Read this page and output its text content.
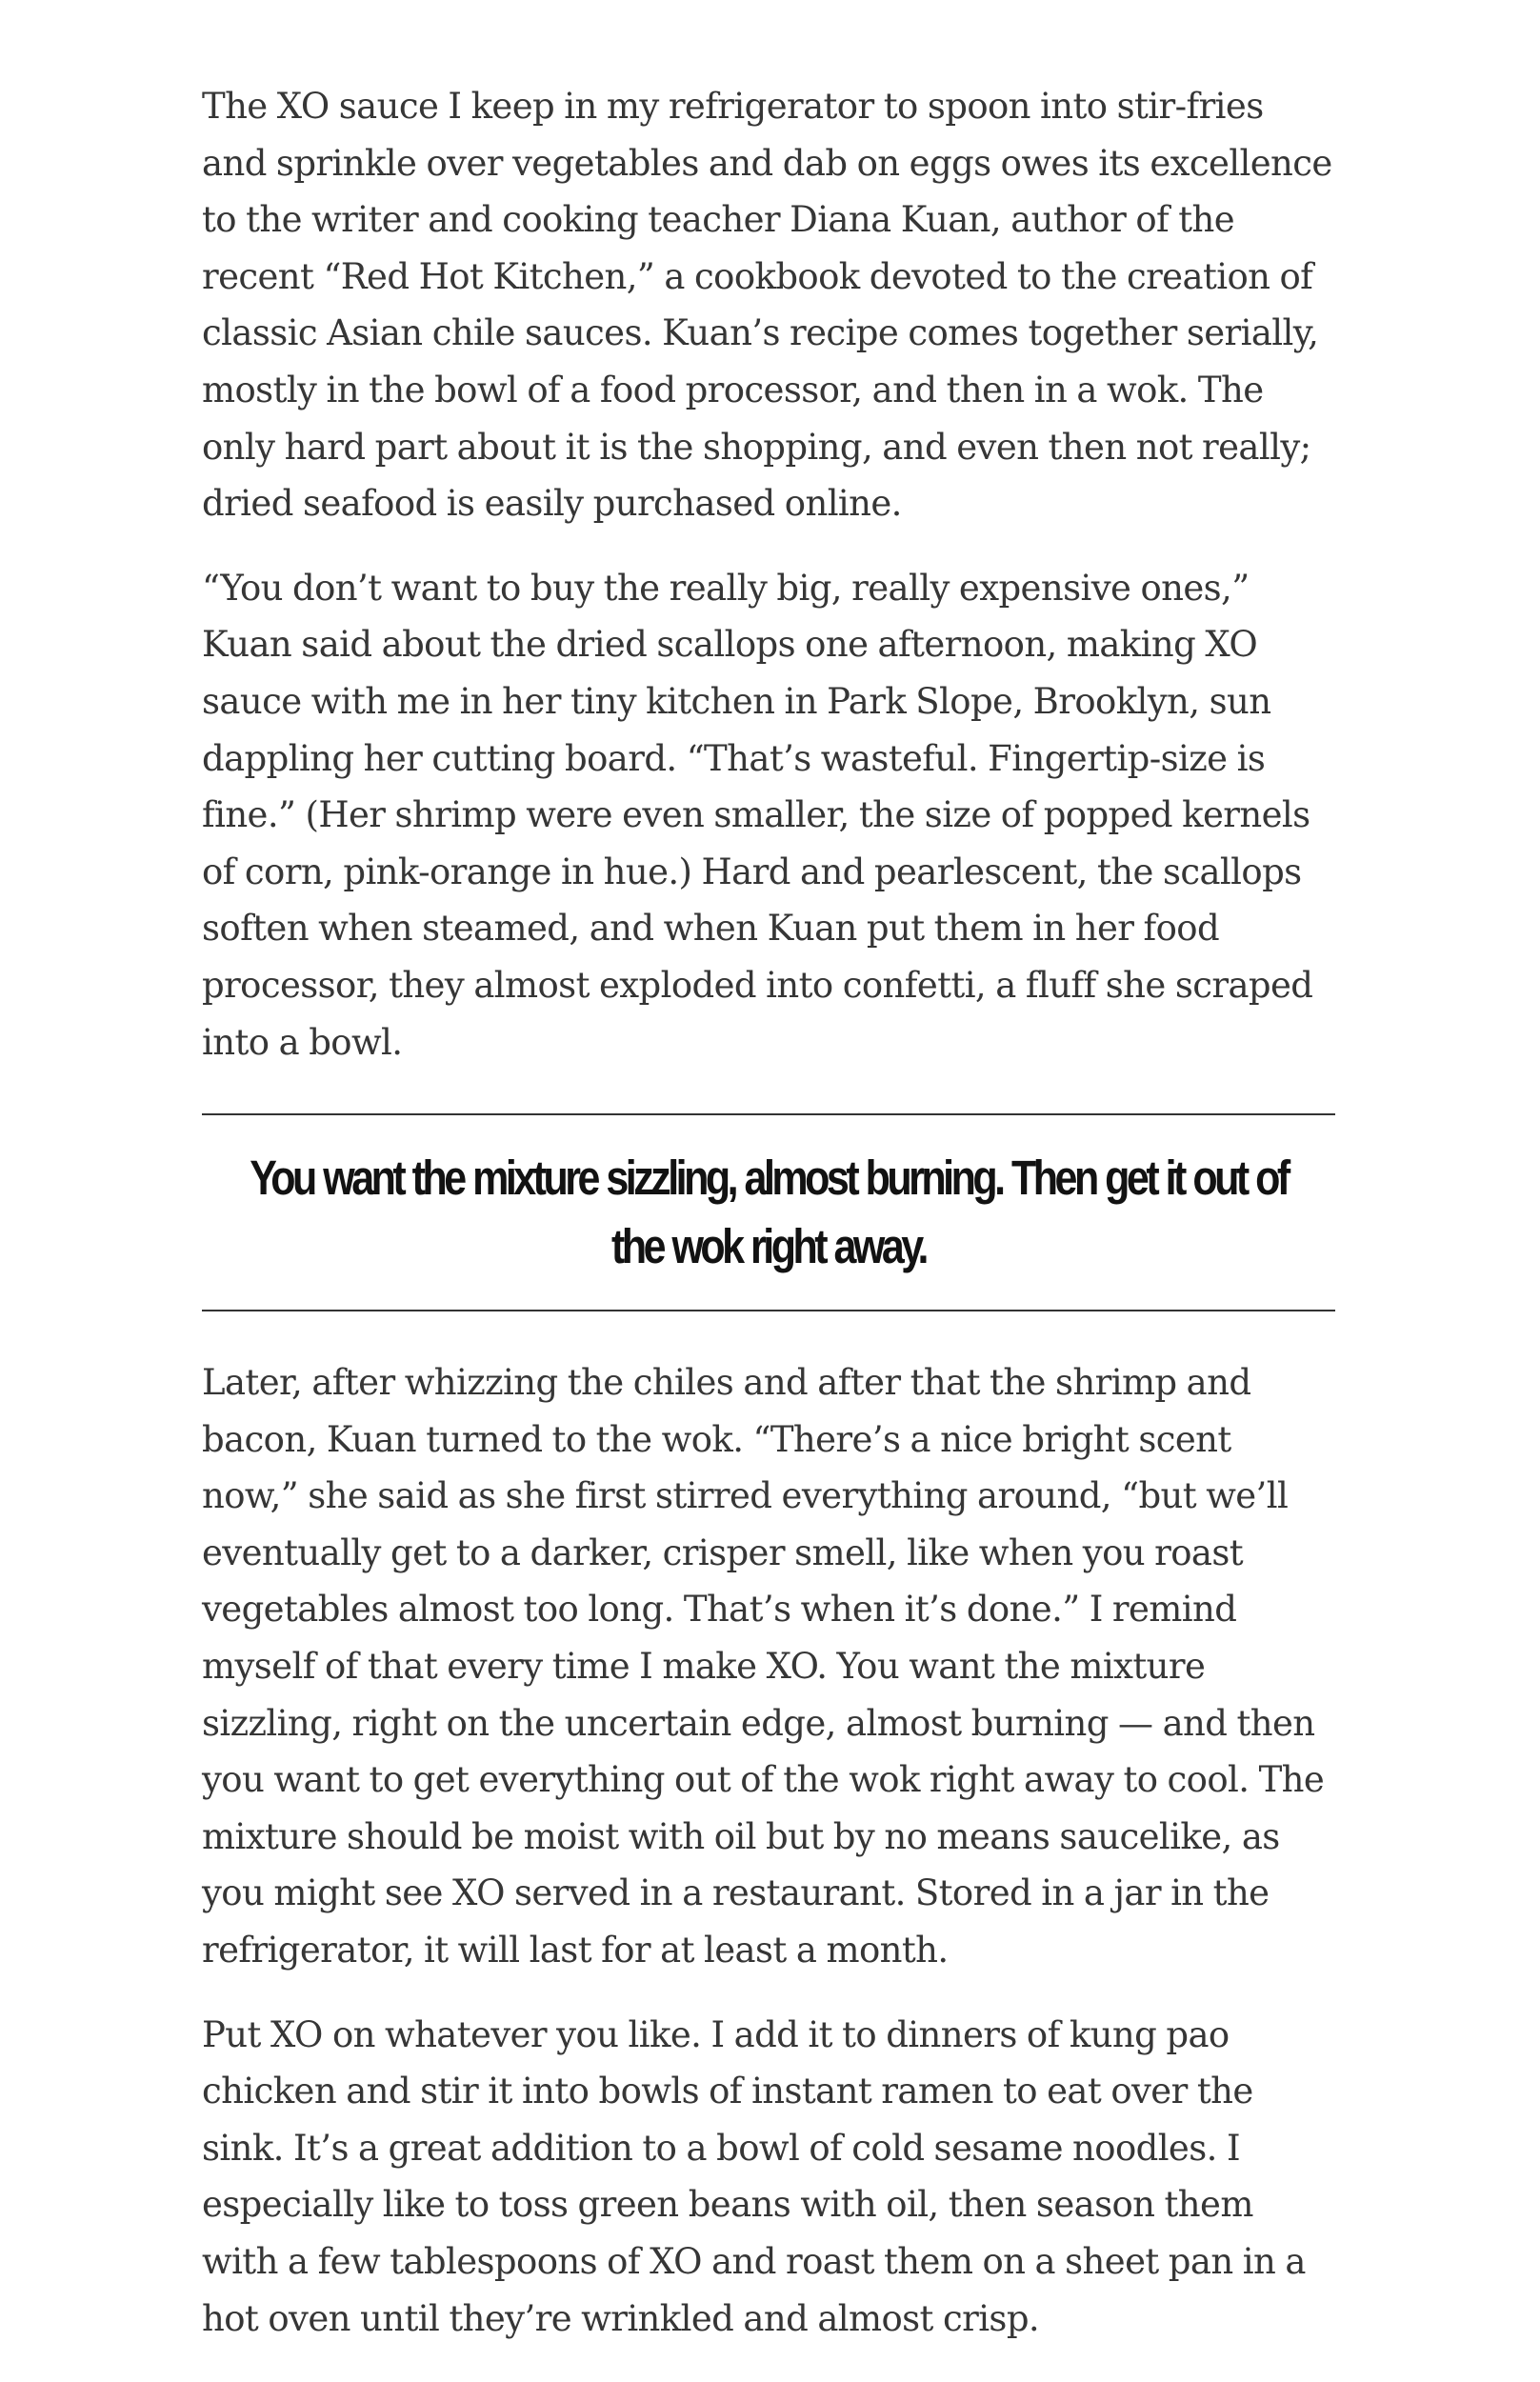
The XO sauce I keep in my refrigerator to spoon into stir-fries and sprinkle over vegetables and dab on eggs owes its excellence to the writer and cooking teacher Diana Kuan, author of the recent “Red Hot Kitchen,” a cookbook devoted to the creation of classic Asian chile sauces. Kuan’s recipe comes together serially, mostly in the bowl of a food processor, and then in a wok. The only hard part about it is the shopping, and even then not really; dried seafood is easily purchased online.

“You don’t want to buy the really big, really expensive ones,” Kuan said about the dried scallops one afternoon, making XO sauce with me in her tiny kitchen in Park Slope, Brooklyn, sun dappling her cutting board. “That’s wasteful. Fingertip-size is fine.” (Her shrimp were even smaller, the size of popped kernels of corn, pink-orange in hue.) Hard and pearlescent, the scallops soften when steamed, and when Kuan put them in her food processor, they almost exploded into confetti, a fluff she scraped into a bowl.

You want the mixture sizzling, almost burning. Then get it out of the wok right away.

Later, after whizzing the chiles and after that the shrimp and bacon, Kuan turned to the wok. “There’s a nice bright scent now,” she said as she first stirred everything around, “but we’ll eventually get to a darker, crisper smell, like when you roast vegetables almost too long. That’s when it’s done.” I remind myself of that every time I make XO. You want the mixture sizzling, right on the uncertain edge, almost burning — and then you want to get everything out of the wok right away to cool. The mixture should be moist with oil but by no means saucelike, as you might see XO served in a restaurant. Stored in a jar in the refrigerator, it will last for at least a month.

Put XO on whatever you like. I add it to dinners of kung pao chicken and stir it into bowls of instant ramen to eat over the sink. It’s a great addition to a bowl of cold sesame noodles. I especially like to toss green beans with oil, then season them with a few tablespoons of XO and roast them on a sheet pan in a hot oven until they’re wrinkled and almost crisp.
